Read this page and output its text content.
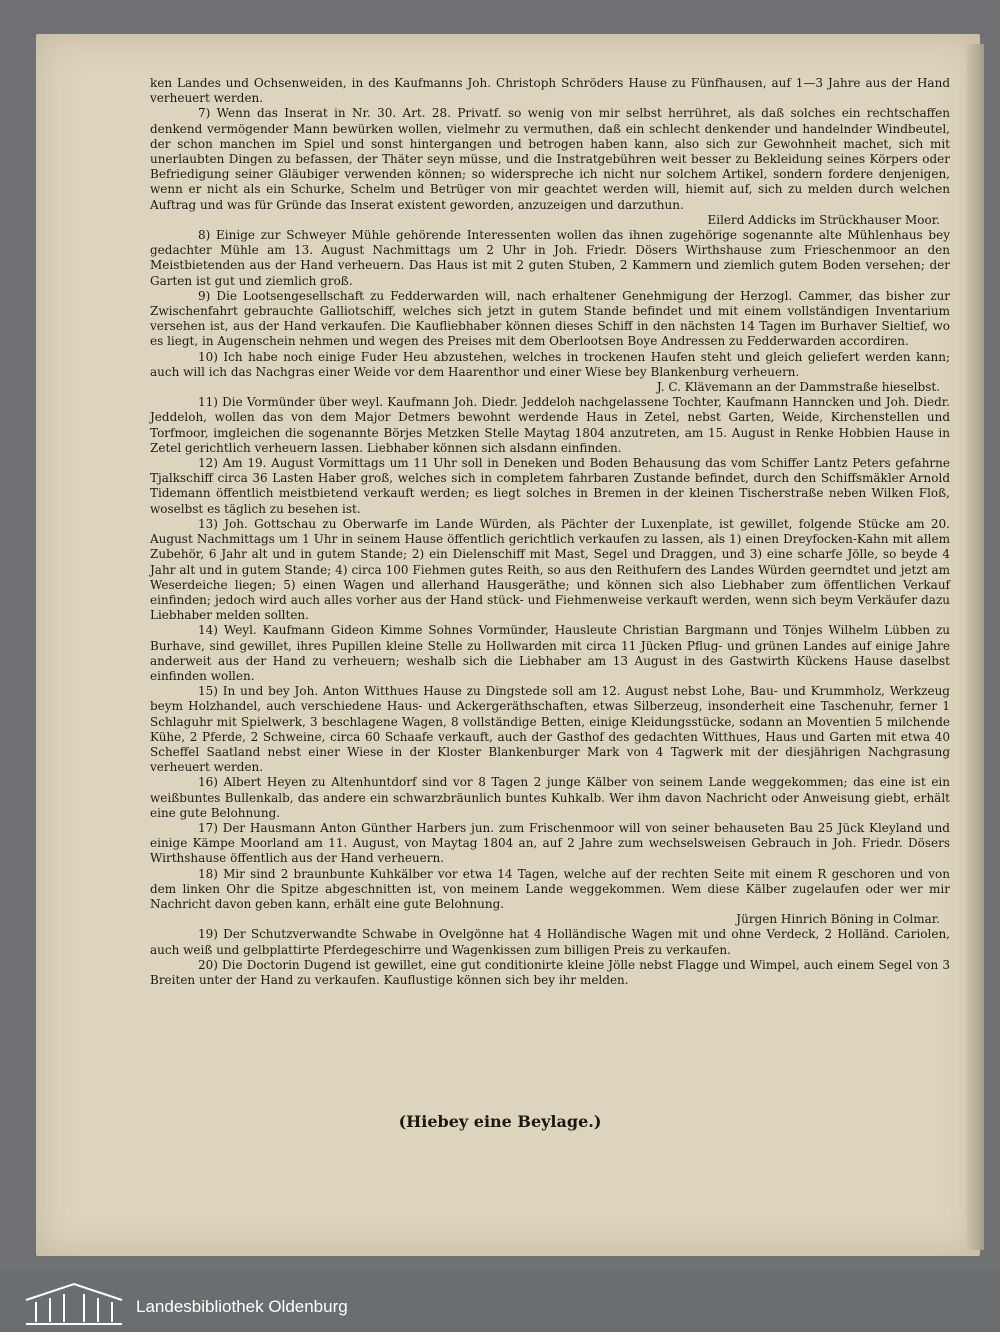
ken Landes und Ochsenweiden, in des Kaufmanns Joh. Christoph Schröders Hause zu Fünfhausen, auf 1—3 Jahre aus der Hand verheuert werden.

7) Wenn das Inserat in Nr. 30. Art. 28. Privatf. so wenig von mir selbst herrühret, als daß solches ein rechtschaffen denkend vermögender Mann bewürken wollen, vielmehr zu vermuthen, daß ein schlecht denkender und handelnder Windbeutel, der schon manchen im Spiel und sonst hintergangen und betrogen haben kann, also sich zur Gewohnheit machet, sich mit unerlaubten Dingen zu befassen, der Thäter seyn müsse, und die Instratgebühren weit besser zu Bekleidung seines Körpers oder Befriedigung seiner Gläubiger verwenden können; so widerspreche ich nicht nur solchem Artikel, sondern fordere denjenigen, wenn er nicht als ein Schurke, Schelm und Betrüger von mir geachtet werden will, hiemit auf, sich zu melden durch welchen Auftrag und was für Gründe das Inserat existent geworden, anzuzeigen und darzuthun.

Eilerd Addicks im Strückhauser Moor.

8) Einige zur Schweyer Mühle gehörende Interessenten wollen das ihnen zugehörige sogenannte alte Mühlenhaus bey gedachter Mühle am 13. August Nachmittags um 2 Uhr in Joh. Friedr. Dösers Wirthshause zum Frieschenmoor an den Meistbietenden aus der Hand verheuern. Das Haus ist mit 2 guten Stuben, 2 Kammern und ziemlich gutem Boden versehen; der Garten ist gut und ziemlich groß.

9) Die Lootsengesellschaft zu Fedderwarden will, nach erhaltener Genehmigung der Herzogl. Cammer, das bisher zur Zwischenfahrt gebrauchte Galliotschiff, welches sich jetzt in gutem Stande befindet und mit einem vollständigen Inventarium versehen ist, aus der Hand verkaufen. Die Kaufliebhaber können dieses Schiff in den nächsten 14 Tagen im Burhaver Sieltief, wo es liegt, in Augenschein nehmen und wegen des Preises mit dem Oberlootsen Boye Andressen zu Fedderwarden accordiren.

10) Ich habe noch einige Fuder Heu abzustehen, welches in trockenen Haufen steht und gleich geliefert werden kann; auch will ich das Nachgras einer Weide vor dem Haarenthor und einer Wiese bey Blankenburg verheuern.

J. C. Klävemann an der Dammstraße hieselbst.

11) Die Vormünder über weyl. Kaufmann Joh. Diedr. Jeddeloh nachgelassene Tochter, Kaufmann Hanncken und Joh. Diedr. Jeddeloh, wollen das von dem Major Detmers bewohnt werdende Haus in Zetel, nebst Garten, Weide, Kirchenstellen und Torfmoor, imgleichen die sogenannte Börjes Metzken Stelle Maytag 1804 anzutreten, am 15. August in Renke Hobbien Hause in Zetel gerichtlich verheuern lassen. Liebhaber können sich alsdann einfinden.

12) Am 19. August Vormittags um 11 Uhr soll in Deneken und Boden Behausung das vom Schiffer Lantz Peters gefahrne Tjalkschiff circa 36 Lasten Haber groß, welches sich in completem fahrbaren Zustande befindet, durch den Schiffsmäkler Arnold Tidemann öffentlich meistbietend verkauft werden; es liegt solches in Bremen in der kleinen Tischerstraße neben Wilken Floß, woselbst es täglich zu besehen ist.

13) Joh. Gottschau zu Oberwarfe im Lande Würden, als Pächter der Luxenplate, ist gewillet, folgende Stücke am 20. August Nachmittags um 1 Uhr in seinem Hause öffentlich gerichtlich verkaufen zu lassen, als 1) einen Dreyfocken-Kahn mit allem Zubehör, 6 Jahr alt und in gutem Stande; 2) ein Dielenschiff mit Mast, Segel und Draggen, und 3) eine scharfe Jölle, so beyde 4 Jahr alt und in gutem Stande; 4) circa 100 Fiehmen gutes Reith, so aus den Reithufern des Landes Würden geerndtet und jetzt am Weserdeiche liegen; 5) einen Wagen und allerhand Hausgeräthe; und können sich also Liebhaber zum öffentlichen Verkauf einfinden; jedoch wird auch alles vorher aus der Hand stück- und Fiehmenweise verkauft werden, wenn sich beym Verkäufer dazu Liebhaber melden sollten.

14) Weyl. Kaufmann Gideon Kimme Sohnes Vormünder, Hausleute Christian Bargmann und Tönjes Wilhelm Lübben zu Burhave, sind gewillet, ihres Pupillen kleine Stelle zu Hollwarden mit circa 11 Jücken Pflug- und grünen Landes auf einige Jahre anderweit aus der Hand zu verheuern; weshalb sich die Liebhaber am 13 August in des Gastwirth Kückens Hause daselbst einfinden wollen.

15) In und bey Joh. Anton Witthues Hause zu Dingstede soll am 12. August nebst Lohe, Bau- und Krummholz, Werkzeug beym Holzhandel, auch verschiedene Haus- und Ackergeräthschaften, etwas Silberzeug, insonderheit eine Taschenuhr, ferner 1 Schlaguhr mit Spielwerk, 3 beschlagene Wagen, 8 vollständige Betten, einige Kleidungsstücke, sodann an Moventien 5 milchende Kühe, 2 Pferde, 2 Schweine, circa 60 Schaafe verkauft, auch der Gasthof des gedachten Witthues, Haus und Garten mit etwa 40 Scheffel Saatland nebst einer Wiese in der Kloster Blankenburger Mark von 4 Tagwerk mit der diesjährigen Nachgrasung verheuert werden.

16) Albert Heyen zu Altenhuntdorf sind vor 8 Tagen 2 junge Kälber von seinem Lande weggekommen; das eine ist ein weißbuntes Bullenkalb, das andere ein schwarzbräunlich buntes Kuhkalb. Wer ihm davon Nachricht oder Anweisung giebt, erhält eine gute Belohnung.

17) Der Hausmann Anton Günther Harbers jun. zum Frischenmoor will von seiner behauseten Bau 25 Jück Kleyland und einige Kämpe Moorland am 11. August, von Maytag 1804 an, auf 2 Jahre zum wechselsweisen Gebrauch in Joh. Friedr. Dösers Wirthshause öffentlich aus der Hand verheuern.

18) Mir sind 2 braunbunte Kuhkälber vor etwa 14 Tagen, welche auf der rechten Seite mit einem R geschoren und von dem linken Ohr die Spitze abgeschnitten ist, von meinem Lande weggekommen. Wem diese Kälber zugelaufen oder wer mir Nachricht davon geben kann, erhält eine gute Belohnung.

Jürgen Hinrich Böning in Colmar.

19) Der Schutzverwandte Schwabe in Ovelgönne hat 4 Holländische Wagen mit und ohne Verdeck, 2 Holländ. Cariolen, auch weiß und gelbplattirte Pferdegeschirre und Wagenkissen zum billigen Preis zu verkaufen.

20) Die Doctorin Dugend ist gewillet, eine gut conditionirte kleine Jölle nebst Flagge und Wimpel, auch einem Segel von 3 Breiten unter der Hand zu verkaufen. Kauflustige können sich bey ihr melden.

(Hiebey eine Beylage.)
Landesbibliothek Oldenburg
